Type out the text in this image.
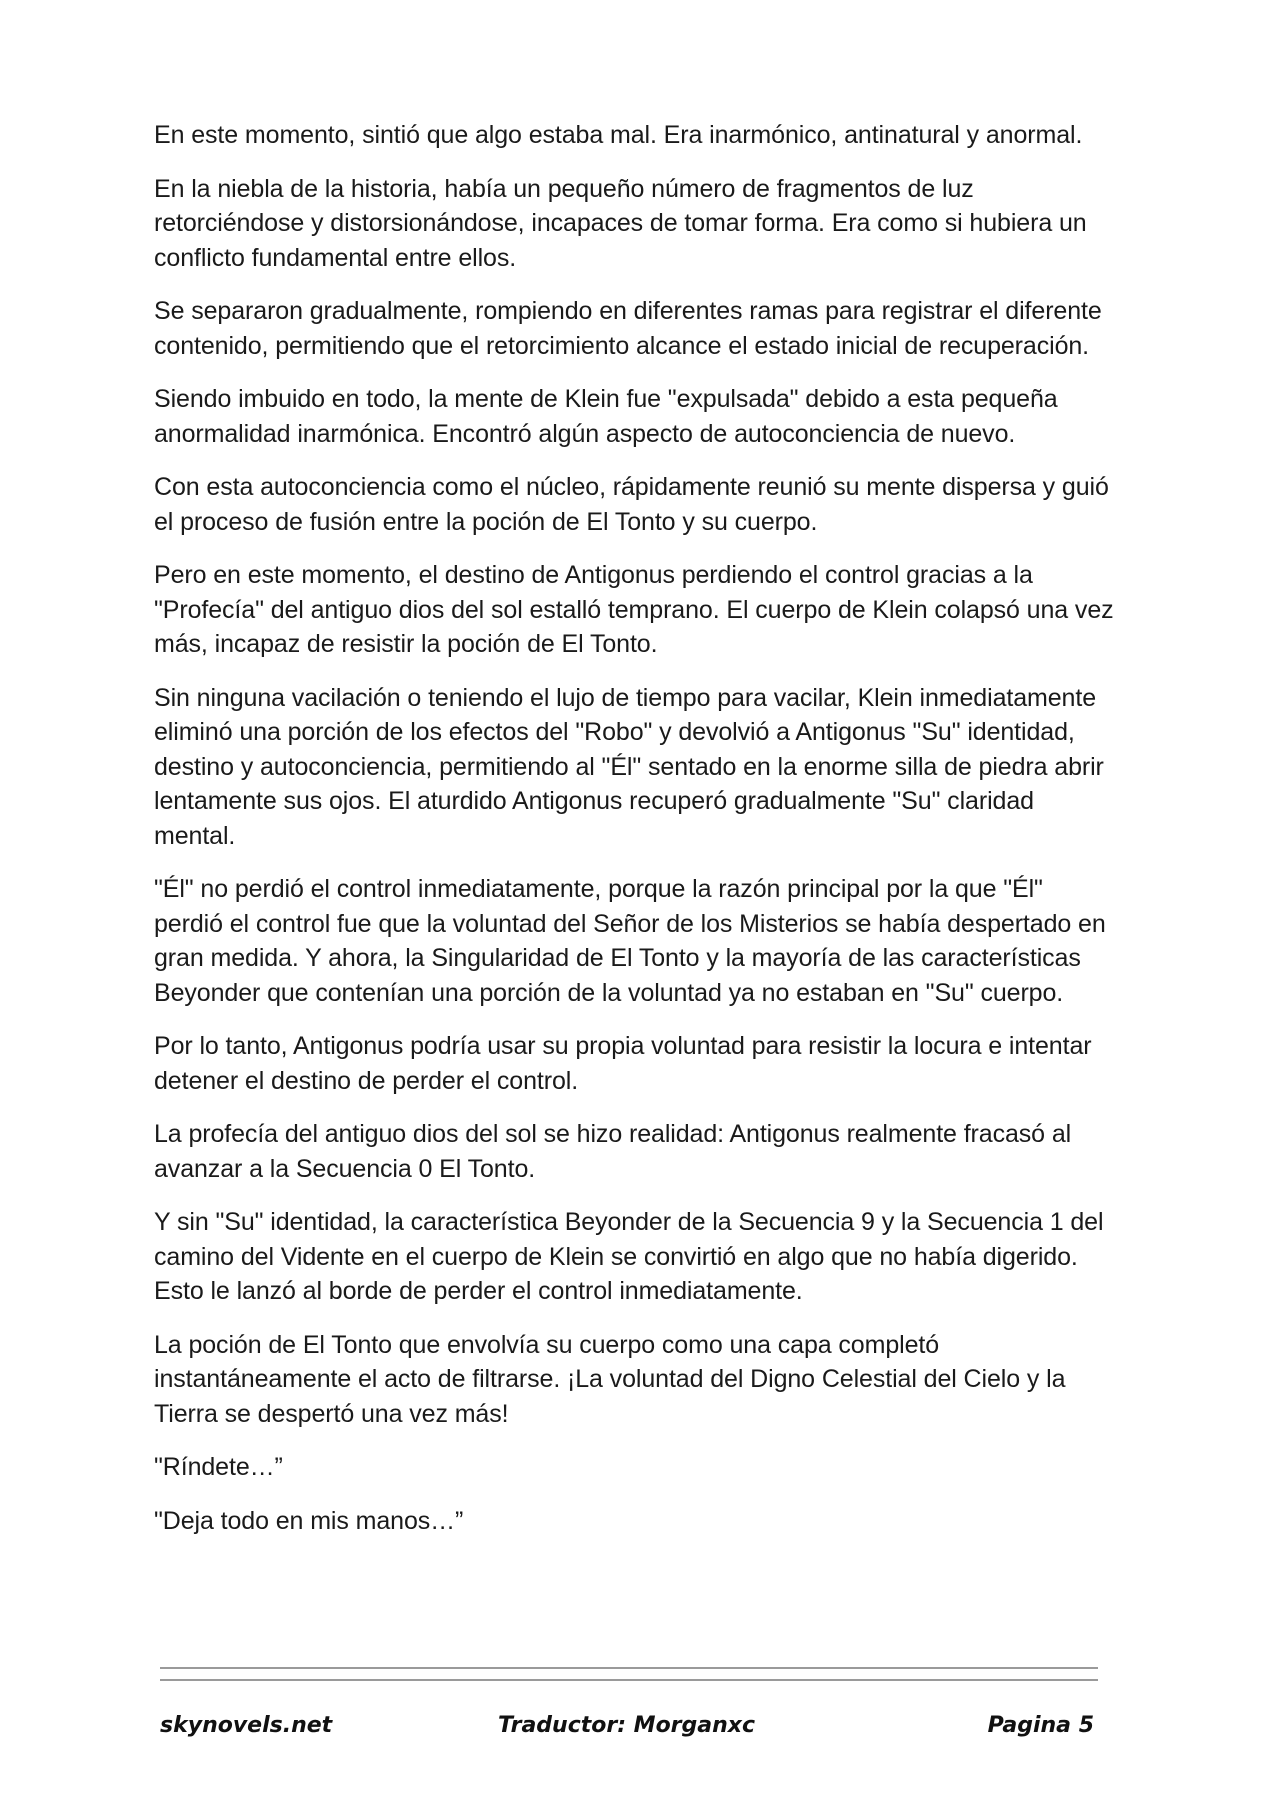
En este momento, sintió que algo estaba mal. Era inarmónico, antinatural y anormal.

En la niebla de la historia, había un pequeño número de fragmentos de luz retorciéndose y distorsionándose, incapaces de tomar forma. Era como si hubiera un conflicto fundamental entre ellos.

Se separaron gradualmente, rompiendo en diferentes ramas para registrar el diferente contenido, permitiendo que el retorcimiento alcance el estado inicial de recuperación.

Siendo imbuido en todo, la mente de Klein fue "expulsada" debido a esta pequeña anormalidad inarmónica. Encontró algún aspecto de autoconciencia de nuevo.

Con esta autoconciencia como el núcleo, rápidamente reunió su mente dispersa y guió el proceso de fusión entre la poción de El Tonto y su cuerpo.

Pero en este momento, el destino de Antigonus perdiendo el control gracias a la "Profecía" del antiguo dios del sol estalló temprano. El cuerpo de Klein colapsó una vez más, incapaz de resistir la poción de El Tonto.

Sin ninguna vacilación o teniendo el lujo de tiempo para vacilar, Klein inmediatamente eliminó una porción de los efectos del "Robo" y devolvió a Antigonus "Su" identidad, destino y autoconciencia, permitiendo al "Él" sentado en la enorme silla de piedra abrir lentamente sus ojos. El aturdido Antigonus recuperó gradualmente "Su" claridad mental.

"Él" no perdió el control inmediatamente, porque la razón principal por la que "Él" perdió el control fue que la voluntad del Señor de los Misterios se había despertado en gran medida. Y ahora, la Singularidad de El Tonto y la mayoría de las características Beyonder que contenían una porción de la voluntad ya no estaban en "Su" cuerpo.

Por lo tanto, Antigonus podría usar su propia voluntad para resistir la locura e intentar detener el destino de perder el control.

La profecía del antiguo dios del sol se hizo realidad: Antigonus realmente fracasó al avanzar a la Secuencia 0 El Tonto.

Y sin "Su" identidad, la característica Beyonder de la Secuencia 9 y la Secuencia 1 del camino del Vidente en el cuerpo de Klein se convirtió en algo que no había digerido. Esto le lanzó al borde de perder el control inmediatamente.

La poción de El Tonto que envolvía su cuerpo como una capa completó instantáneamente el acto de filtrarse. ¡La voluntad del Digno Celestial del Cielo y la Tierra se despertó una vez más!

"Ríndete…”

"Deja todo en mis manos…”

skynovels.net	Traductor: Morganxc	Pagina 5
